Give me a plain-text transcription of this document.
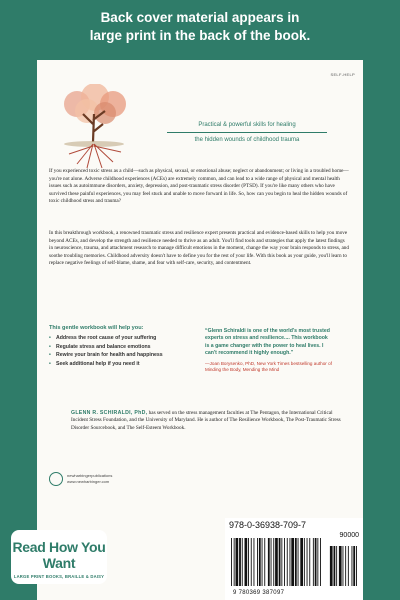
Back cover material appears in
large print in the back of the book.
SELF-HELP
Practical & powerful skills for healing
the hidden wounds of childhood trauma

If you experienced toxic stress as a child—such as physical, sexual, or emotional abuse; neglect or abandonment; or living in a troubled home—you're not alone. Adverse childhood experiences (ACEs) are extremely common, and can lead to a wide range of physical and mental health issues such as autoimmune disorders, anxiety, depression, and post-traumatic stress disorder (PTSD). If you're like many others who have survived these painful experiences, you may feel stuck and unable to move forward in life. So, how can you begin to heal the hidden wounds of toxic childhood stress and trauma?

In this breakthrough workbook, a renowned traumatic stress and resilience expert presents practical and evidence-based skills to help you move beyond ACEs, and develop the strength and resilience needed to thrive as an adult. You'll find tools and strategies that apply the latest findings in neuroscience, trauma, and attachment research to manage difficult emotions in the moment, change the way your brain responds to stress, and soothe troubling memories. Childhood adversity doesn't have to define you for the rest of your life. With this book as your guide, you'll learn to replace negative feelings of self-blame, shame, and fear with self-care, security, and contentment.

This gentle workbook will help you:
• Address the root cause of your suffering
• Regulate stress and balance emotions
• Rewire your brain for health and happiness
• Seek additional help if you need it
“Glenn Schiraldi is one of the world's most trusted experts on stress and resilience.... This workbook is a game changer with the power to heal lives. I can't recommend it highly enough.”
—Joan Borysenko, PhD, New York Times bestselling author of Minding the Body, Mending the Mind
GLENN R. SCHIRALDI, PhD, has served on the stress management faculties at The Pentagon, the International Critical Incident Stress Foundation, and the University of Maryland. He is author of The Resilience Workbook, The Post-Traumatic Stress Disorder Sourcebook, and The Self-Esteem Workbook.
newharbingerpublications
www.newharbinger.com
Read How You Want
LARGE PRINT BOOKS, BRAILLE & DAISY
978-0-36938-709-7
90000
9 780369 387097
